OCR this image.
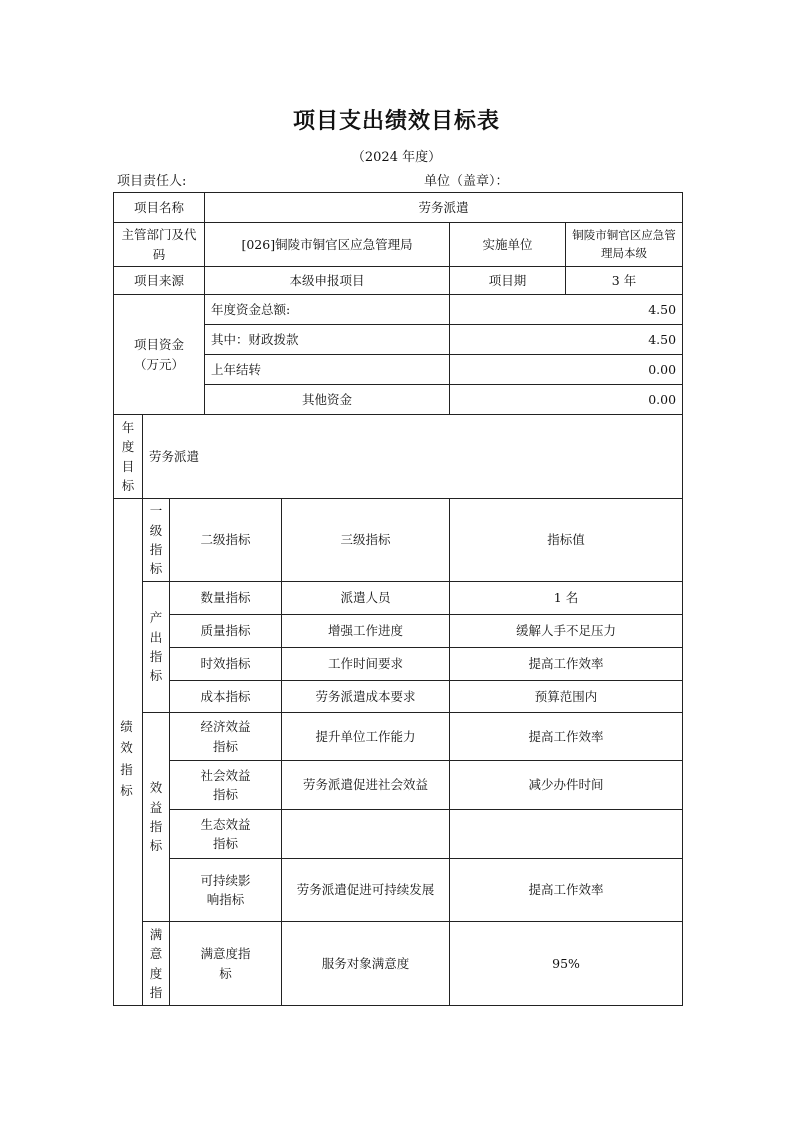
项目支出绩效目标表
（2024 年度）
项目责任人:	单位（盖章）：
项目名称			劳务派遣			
主管部门及代码			[026]铜陵市铜官区应急管理局		实施单位	铜陵市铜官区应急管理局本级
项目来源			本级申报项目		项目期	3 年
项目资金（万元）			年度资金总额:		4.50	
			其中：财政拨款		4.50	
			上年结转		0.00	
			其他资金		0.00	

年度目标	劳务派遣					

	一级指标	二级指标		三级指标	指标值	

	产出指标	数量指标		派遣人员	1 名	
		质量指标		增强工作进度	缓解人手不足压力	
		时效指标		工作时间要求	提高工作效率	
		成本指标		劳务派遣成本要求	预算范围内	

	效益指标	经济效益指标		提升单位工作能力	提高工作效率	

		社会效益指标		劳务派遣促进社会效益	减少办件时间	

		生态效益指标				

		可持续影响指标		劳务派遣促进可持续发展	提高工作效率	

	满意度指	满意度指标		服务对象满意度	95%	
绩效指标
